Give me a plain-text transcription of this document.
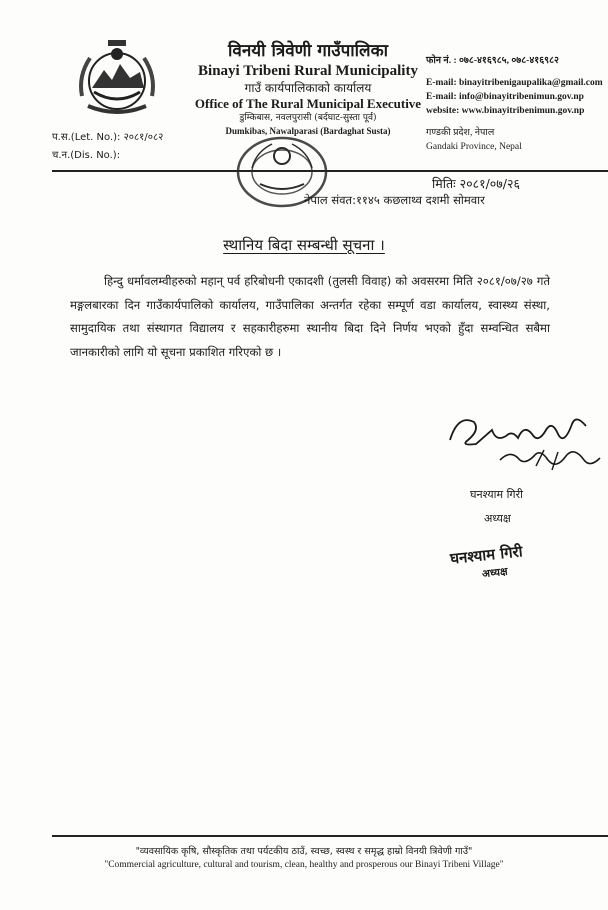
विनयी त्रिवेणी गाउँपालिका
Binayi Tribeni Rural Municipality
गाउँ कार्यपालिकाको कार्यालय
Office of The Rural Municipal Executive
डुम्किबास, नवलपुरासी (बर्दघाट-सुस्ता पूर्व)
Dumkibas, Nawalparasi (Bardaghat Susta)
फोन नं. : ०७८-४१६९८५, ०७८-४१६९८२
E-mail: binayitribenigaupalika@gmail.com
E-mail: info@binayitribenimun.gov.np
website: www.binayitribenimun.gov.np
गण्डकी प्रदेश, नेपाल
Gandaki Province, Nepal
प.स.(Let. No.): २०८१/०८२
च.न.(Dis. No.):
मितिः २०८१/०७/२६
नेपाल संवत:११४५ कछलाथ्व दशमी सोमवार
स्थानिय बिदा सम्बन्धी सूचना ।
हिन्दु धर्मावलम्वीहरुको महान् पर्व हरिबोधनी एकादशी (तुलसी विवाह) को अवसरमा मिति २०८१/०७/२७ गते मङ्गलबारका दिन गाउँकार्यपालिको कार्यालय, गाउँपालिका अन्तर्गत रहेका सम्पूर्ण वडा कार्यालय, स्वास्थ्य संस्था, सामुदायिक तथा संस्थागत विद्यालय र सहकारीहरुमा स्थानीय बिदा दिने निर्णय भएको हुँदा सम्वन्धित सबैमा जानकारीको लागि यो सूचना प्रकाशित गरिएको छ ।
घनश्याम गिरी
अध्यक्ष
घनश्याम गिरी
अध्यक्ष
"व्यवसायिक कृषि, सौस्कृतिक तथा पर्यटकीय ठाउँ, स्वच्छ, स्वस्थ र समृद्ध हाम्रो विनयी त्रिवेणी गाउँ"
"Commercial agriculture, cultural and tourism, clean, healthy and prosperous our Binayi Tribeni Village"
